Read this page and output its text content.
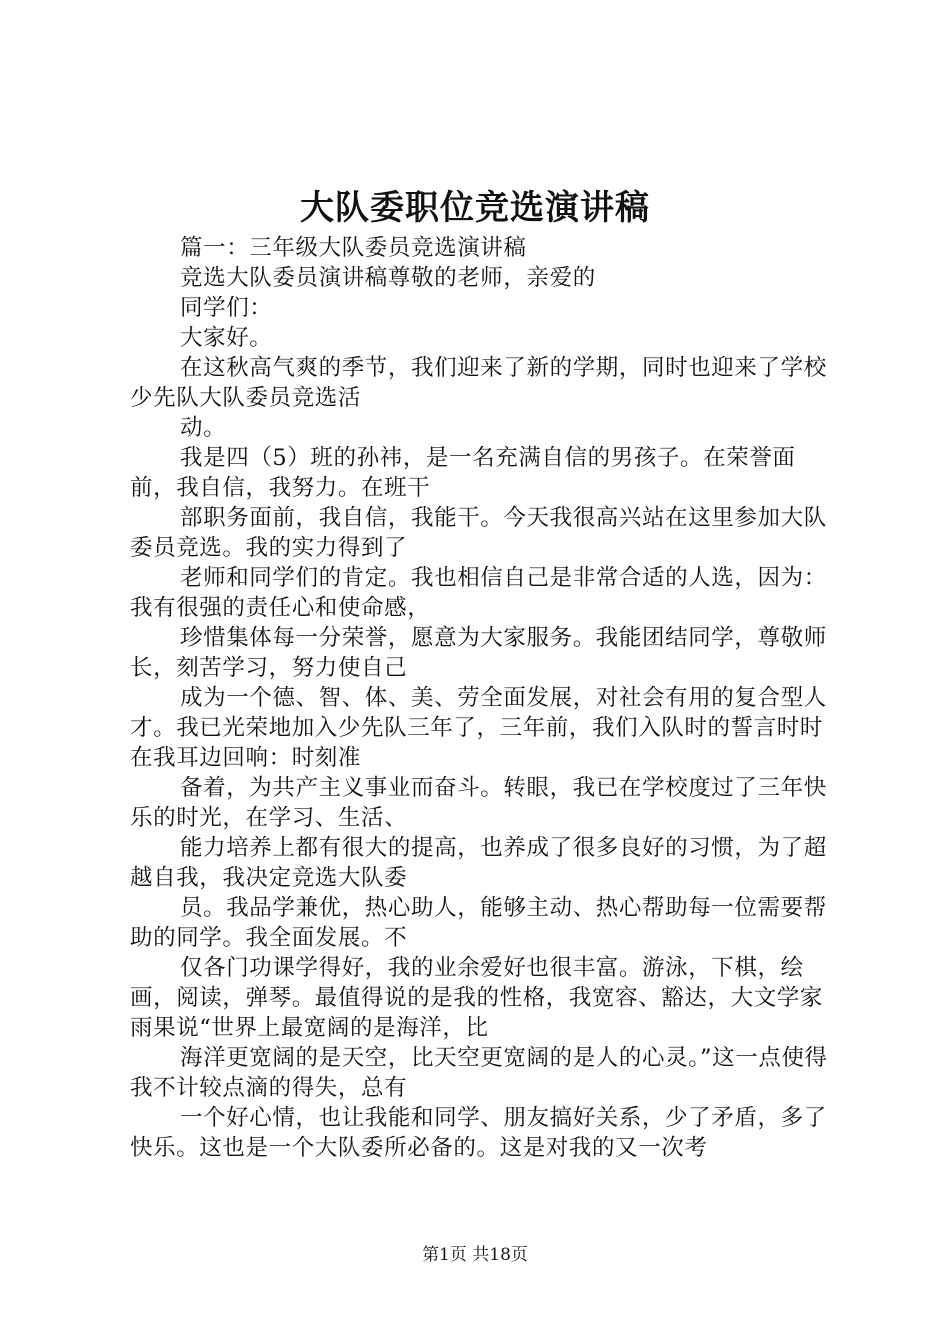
大队委职位竞选演讲稿

篇一：三年级大队委员竞选演讲稿

竞选大队委员演讲稿尊敬的老师，亲爱的

同学们：

大家好。

在这秋高气爽的季节，我们迎来了新的学期，同时也迎来了学校少先队大队委员竞选活

动。

我是四（5）班的孙祎，是一名充满自信的男孩子。在荣誉面前，我自信，我努力。在班干

部职务面前，我自信，我能干。今天我很高兴站在这里参加大队委员竞选。我的实力得到了

老师和同学们的肯定。我也相信自己是非常合适的人选，因为：我有很强的责任心和使命感，

珍惜集体每一分荣誉，愿意为大家服务。我能团结同学，尊敬师长，刻苦学习，努力使自己

成为一个德、智、体、美、劳全面发展，对社会有用的复合型人才。我已光荣地加入少先队三年了，三年前，我们入队时的誓言时时在我耳边回响：时刻准

备着，为共产主义事业而奋斗。转眼，我已在学校度过了三年快乐的时光，在学习、生活、

能力培养上都有很大的提高，也养成了很多良好的习惯，为了超越自我，我决定竞选大队委

员。我品学兼优，热心助人，能够主动、热心帮助每一位需要帮助的同学。我全面发展。不

仅各门功课学得好，我的业余爱好也很丰富。游泳，下棋，绘画，阅读，弹琴。最值得说的是我的性格，我宽容、豁达，大文学家雨果说“世界上最宽阔的是海洋，比

海洋更宽阔的是天空，比天空更宽阔的是人的心灵。”这一点使得我不计较点滴的得失，总有

一个好心情，也让我能和同学、朋友搞好关系，少了矛盾，多了快乐。这也是一个大队委所必备的。这是对我的又一次考

第1页 共18页
